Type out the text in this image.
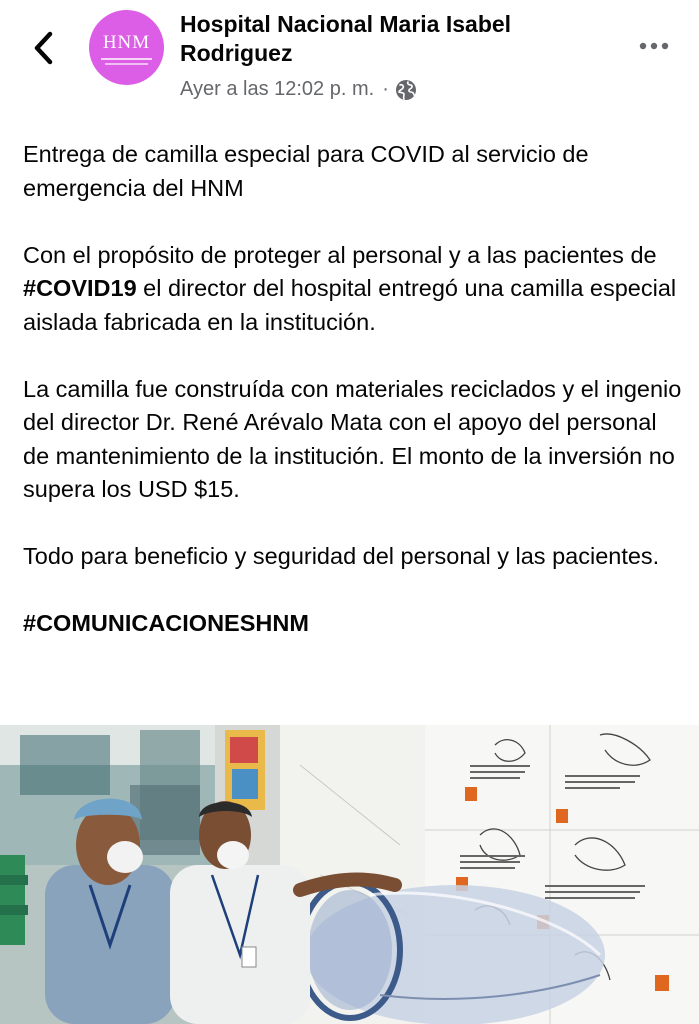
HNM
Hospital Nacional Maria Isabel Rodriguez
Ayer a las 12:02 p. m. ·

Entrega de camilla especial para COVID al servicio de emergencia del HNM

Con el propósito de proteger al personal y a las pacientes de #COVID19 el director del hospital entregó una camilla especial aislada fabricada en la institución.

La camilla fue construída con materiales reciclados y el ingenio del director Dr. René Arévalo Mata con el apoyo del personal de mantenimiento de la institución. El monto de la inversión no supera los USD $15.

Todo para beneficio y seguridad del personal y las pacientes.

#COMUNICACIONESHNM
